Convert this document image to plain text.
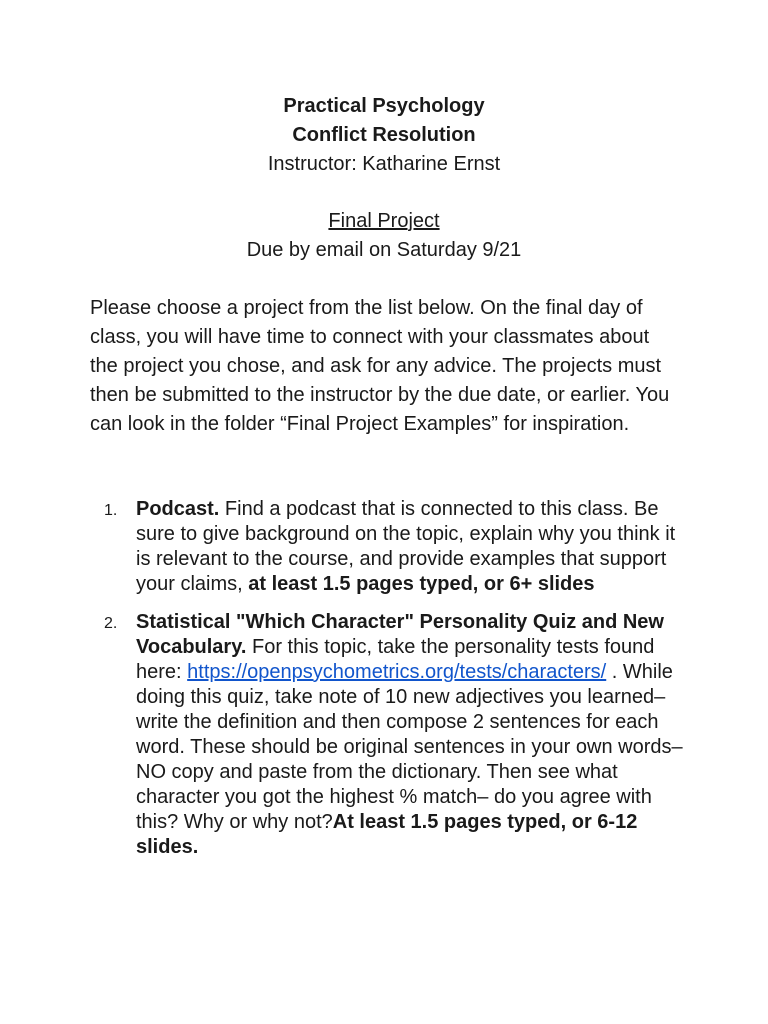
Practical Psychology
Conflict Resolution
Instructor: Katharine Ernst
Final Project
Due by email on Saturday 9/21
Please choose a project from the list below. On the final day of class, you will have time to connect with your classmates about the project you chose, and ask for any advice. The projects must then be submitted to the instructor by the due date, or earlier. You can look in the folder “Final Project Examples” for inspiration.
1. Podcast. Find a podcast that is connected to this class. Be sure to give background on the topic, explain why you think it is relevant to the course, and provide examples that support your claims, at least 1.5 pages typed, or 6+ slides
2. Statistical "Which Character" Personality Quiz and New Vocabulary. For this topic, take the personality tests found here: https://openpsychometrics.org/tests/characters/ . While doing this quiz, take note of 10 new adjectives you learned– write the definition and then compose 2 sentences for each word. These should be original sentences in your own words– NO copy and paste from the dictionary. Then see what character you got the highest % match– do you agree with this? Why or why not?At least 1.5 pages typed, or 6-12 slides.
